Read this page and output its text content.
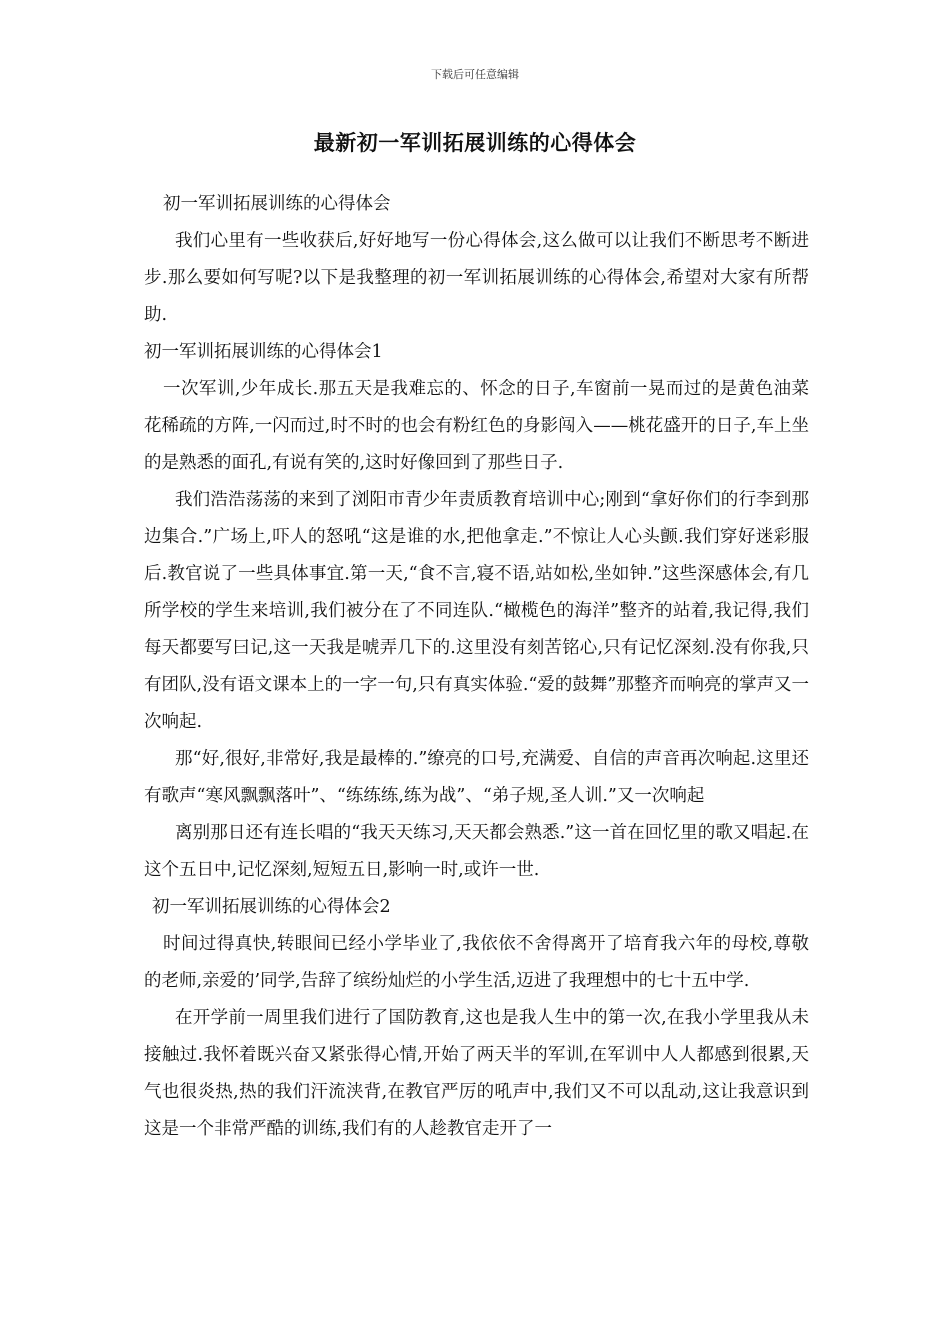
下载后可任意编辑
最新初一军训拓展训练的心得体会

初一军训拓展训练的心得体会

我们心里有一些收获后,好好地写一份心得体会,这么做可以让我们不断思考不断进步.那么要如何写呢?以下是我整理的初一军训拓展训练的心得体会,希望对大家有所帮助.

初一军训拓展训练的心得体会1

一次军训,少年成长.那五天是我难忘的、怀念的日子,车窗前一晃而过的是黄色油菜花稀疏的方阵,一闪而过,时不时的也会有粉红色的身影闯入——桃花盛开的日子,车上坐的是熟悉的面孔,有说有笑的,这时好像回到了那些日子.

我们浩浩荡荡的来到了浏阳市青少年责质教育培训中心;刚到“拿好你们的行李到那边集合.”广场上,吓人的怒吼“这是谁的水,把他拿走.”不惊让人心头颤.我们穿好迷彩服后.教官说了一些具体事宜.第一天,“食不言,寝不语,站如松,坐如钟.”这些深感体会,有几所学校的学生来培训,我们被分在了不同连队.“橄榄色的海洋”整齐的站着,我记得,我们每天都要写曰记,这一天我是唬弄几下的.这里没有刻苦铭心,只有记忆深刻.没有你我,只有团队,没有语文课本上的一字一句,只有真实体验.“爱的鼓舞”那整齐而响亮的掌声又一次响起.

那“好,很好,非常好,我是最棒的.”缭亮的口号,充满爱、自信的声音再次响起.这里还有歌声“寒风飘飘落叶”、“练练练,练为战”、“弟子规,圣人训.”又一次响起

离别那日还有连长唱的“我天天练习,天天都会熟悉.”这一首在回忆里的歌又唱起.在这个五日中,记忆深刻,短短五日,影响一时,或许一世.

初一军训拓展训练的心得体会2

时间过得真快,转眼间已经小学毕业了,我依依不舍得离开了培育我六年的母校,尊敬的老师,亲爱的’同学,告辞了缤纷灿烂的小学生活,迈进了我理想中的七十五中学.

在开学前一周里我们进行了国防教育,这也是我人生中的第一次,在我小学里我从未接触过.我怀着既兴奋又紧张得心情,开始了两天半的军训,在军训中人人都感到很累,天气也很炎热,热的我们汗流浃背,在教官严厉的吼声中,我们又不可以乱动,这让我意识到这是一个非常严酷的训练,我们有的人趁教官走开了一
